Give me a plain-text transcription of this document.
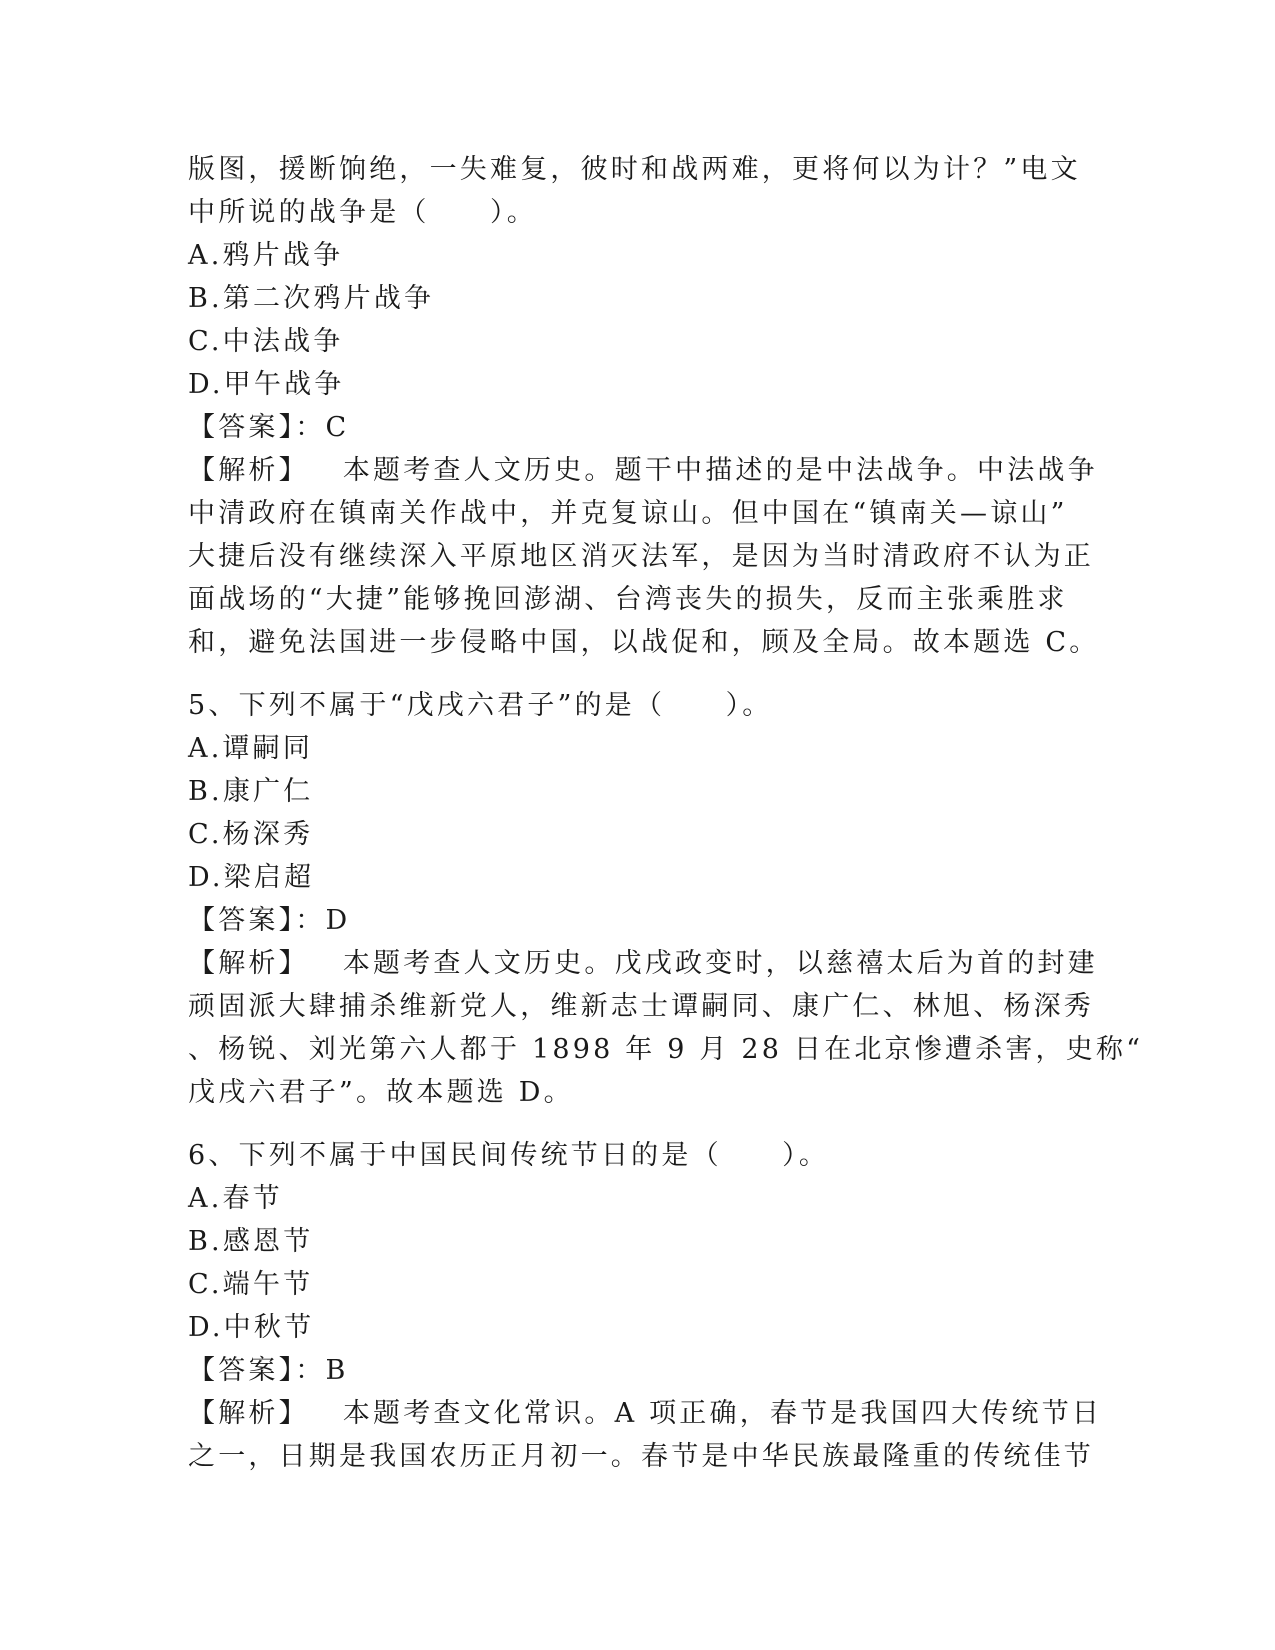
版图，援断饷绝，一失难复，彼时和战两难，更将何以为计？”电文
中所说的战争是（　　）。
A.鸦片战争
B.第二次鸦片战争
C.中法战争
D.甲午战争
【答案】：C
【解析】 本题考查人文历史。题干中描述的是中法战争。中法战争
中清政府在镇南关作战中，并克复谅山。但中国在“镇南关—谅山”
大捷后没有继续深入平原地区消灭法军，是因为当时清政府不认为正
面战场的“大捷”能够挽回澎湖、台湾丧失的损失，反而主张乘胜求
和，避免法国进一步侵略中国，以战促和，顾及全局。故本题选 C。
5、下列不属于“戊戌六君子”的是（　　）。
A.谭嗣同
B.康广仁
C.杨深秀
D.梁启超
【答案】：D
【解析】 本题考查人文历史。戊戌政变时，以慈禧太后为首的封建
顽固派大肆捕杀维新党人，维新志士谭嗣同、康广仁、林旭、杨深秀
、杨锐、刘光第六人都于 1898 年 9 月 28 日在北京惨遭杀害，史称“
戊戌六君子”。故本题选 D。
6、下列不属于中国民间传统节日的是（　　）。
A.春节
B.感恩节
C.端午节
D.中秋节
【答案】：B
【解析】 本题考查文化常识。A 项正确，春节是我国四大传统节日
之一，日期是我国农历正月初一。春节是中华民族最隆重的传统佳节
